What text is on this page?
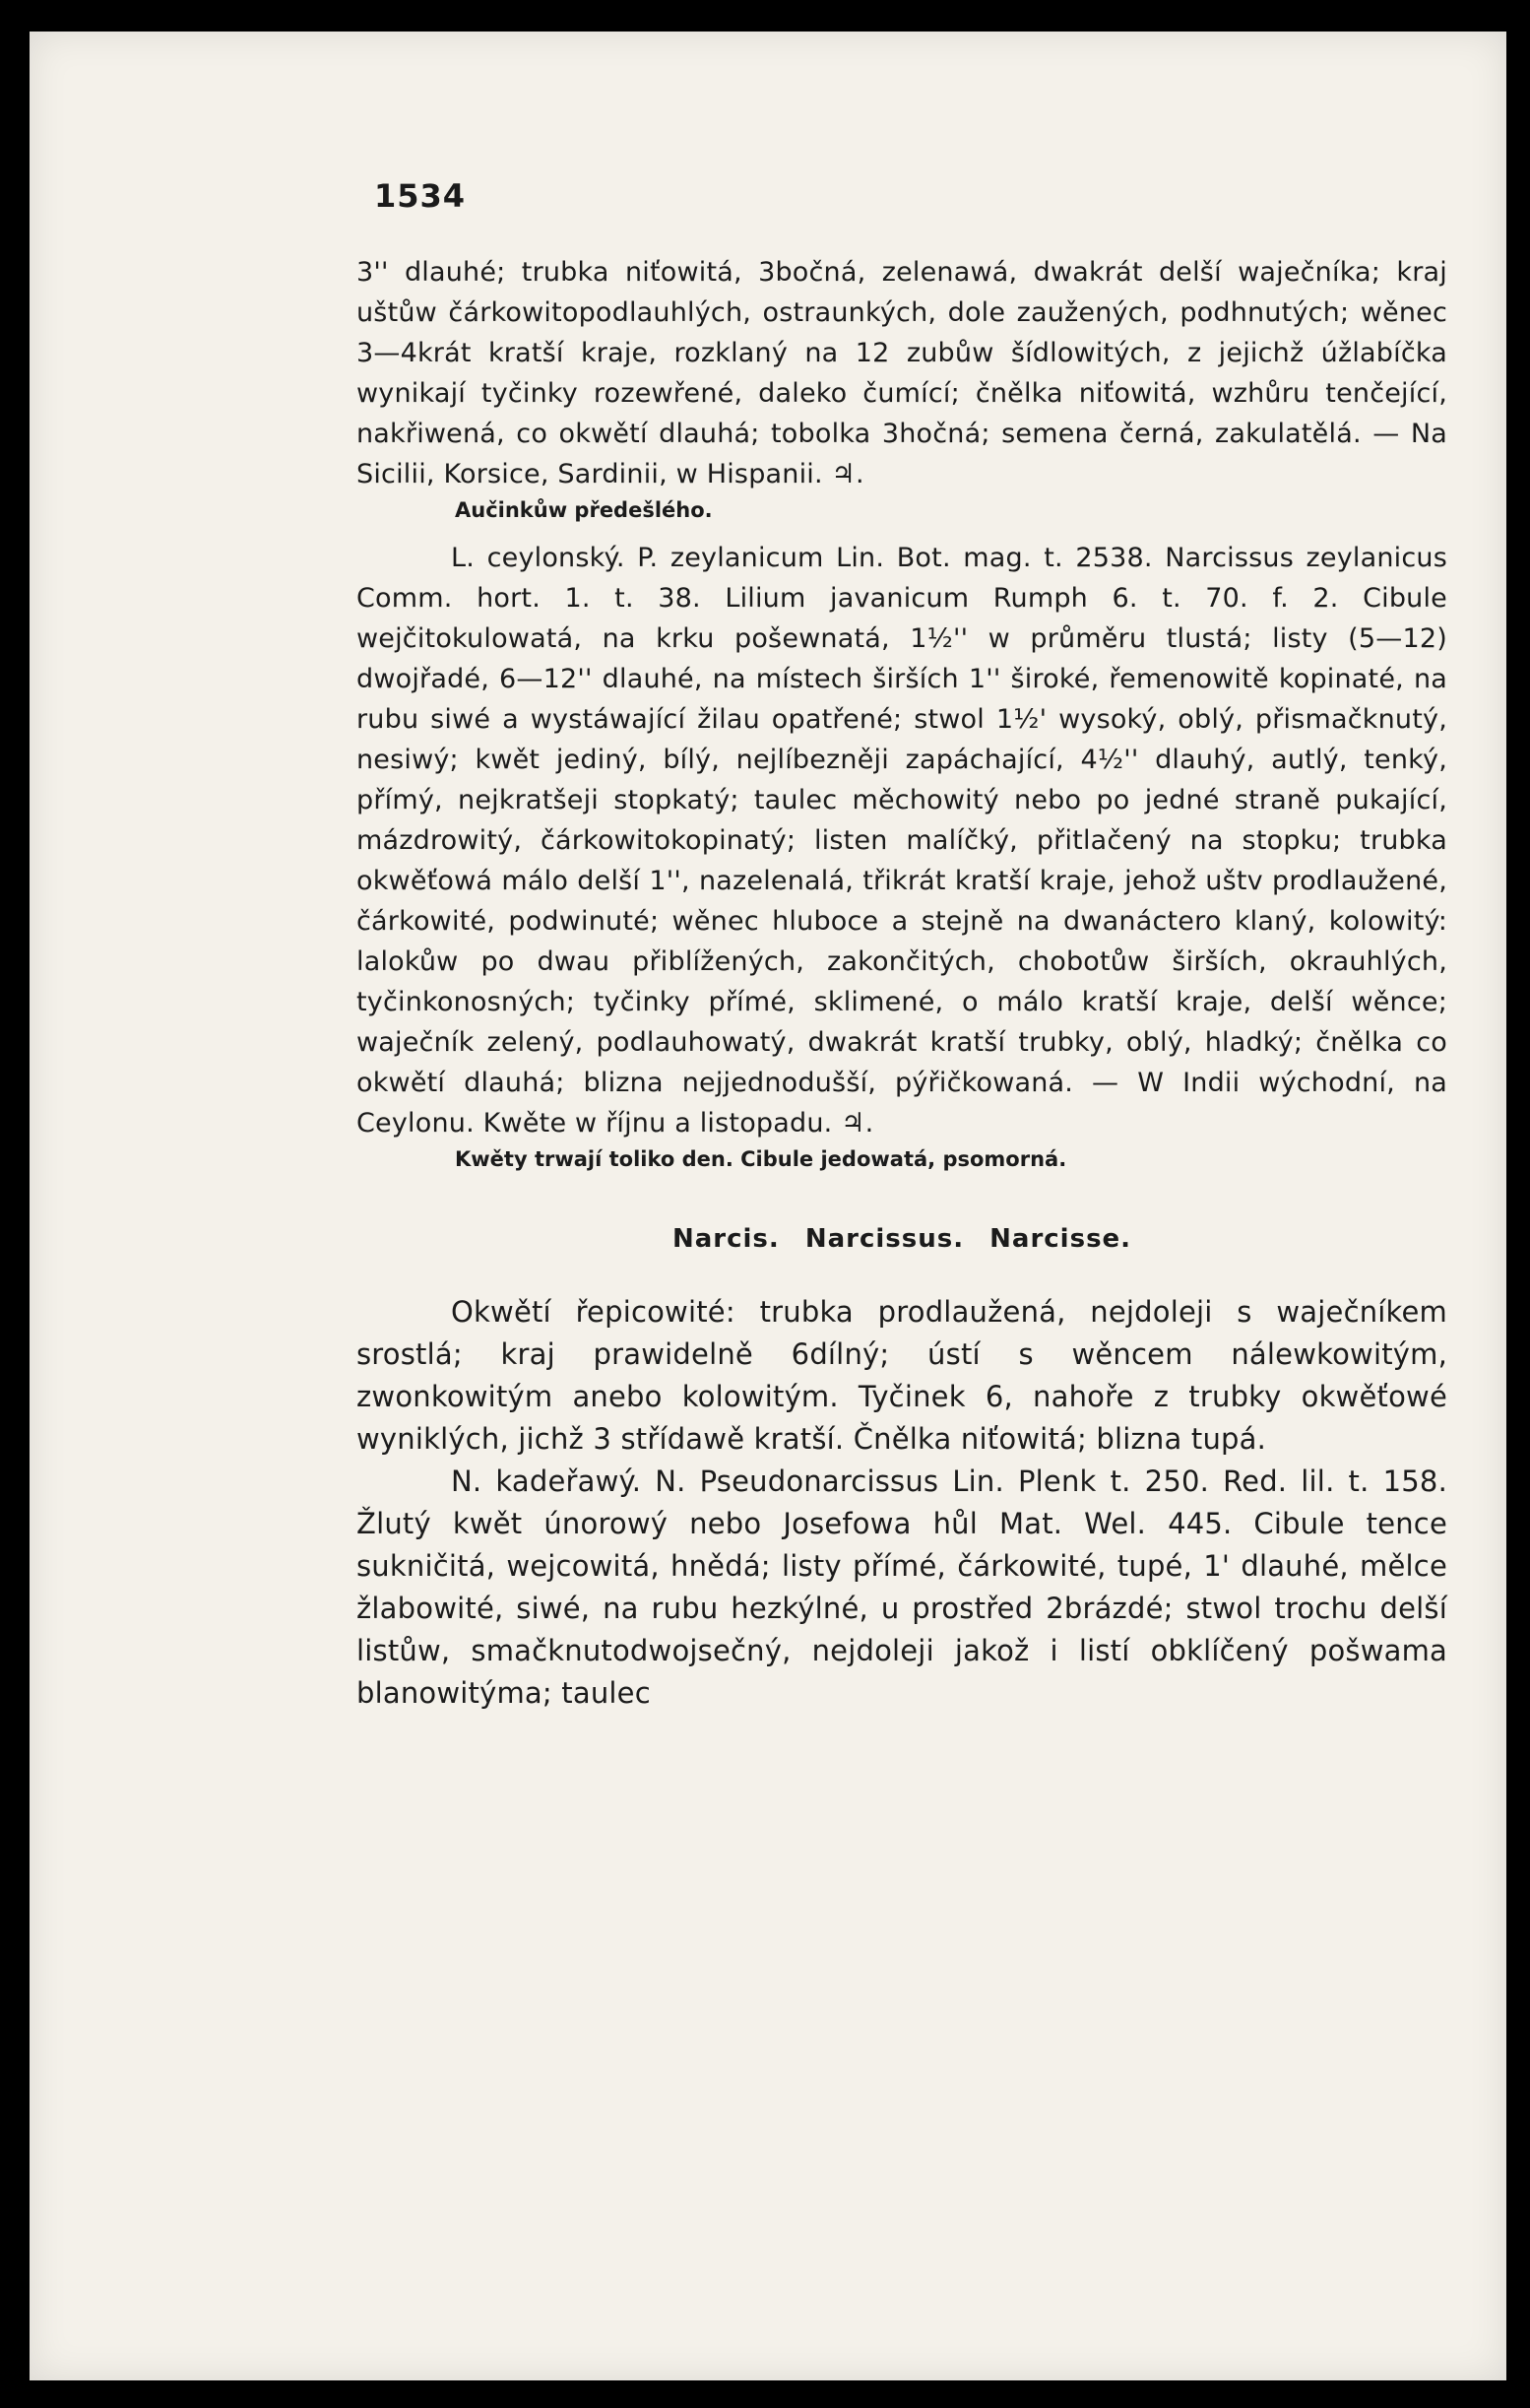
1534

3'' dlauhé; trubka niťowitá, 3bočná, zelenawá, dwakrát delší waječníka; kraj uštůw čárkowitopodlauhlých, ostraunkých, dole zaužených, podhnutých; wěnec 3—4krát kratší kraje, rozklaný na 12 zubůw šídlowitých, z jejichž úžlabíčka wynikají tyčinky rozewřené, daleko čumící; čnělka niťowitá, wzhůru tenčející, nakřiwená, co okwětí dlauhá; tobolka 3hočná; semena černá, zakulatělá. — Na Sicilii, Korsice, Sardinii, w Hispanii. ♃.

Aučinkůw předešlého.

L. ceylonský. P. zeylanicum Lin. Bot. mag. t. 2538. Narcissus zeylanicus Comm. hort. 1. t. 38. Lilium javanicum Rumph 6. t. 70. f. 2. Cibule wejčitokulowatá, na krku pošewnatá, 1½'' w průměru tlustá; listy (5—12) dwojřadé, 6—12'' dlauhé, na místech širších 1'' široké, řemenowitě kopinaté, na rubu siwé a wystáwající žilau opatřené; stwol 1½' wysoký, oblý, přismačknutý, nesiwý; kwět jediný, bílý, nejlíbezněji zapáchající, 4½'' dlauhý, autlý, tenký, přímý, nejkratšeji stopkatý; taulec měchowitý nebo po jedné straně pukající, mázdrowitý, čárkowitokopinatý; listen malíčký, přitlačený na stopku; trubka okwěťowá málo delší 1'', nazelenalá, třikrát kratší kraje, jehož uštv prodlaužené, čárkowité, podwinuté; wěnec hluboce a stejně na dwanáctero klaný, kolowitý: lalokůw po dwau přiblížených, zakončitých, chobotůw širších, okrauhlých, tyčinkonosných; tyčinky přímé, sklimené, o málo kratší kraje, delší wěnce; waječník zelený, podlauhowatý, dwakrát kratší trubky, oblý, hladký; čnělka co okwětí dlauhá; blizna nejjednodušší, pýřičkowaná. — W Indii wýchodní, na Ceylonu. Kwěte w říjnu a listopadu. ♃.

Kwěty trwají toliko den. Cibule jedowatá, psomorná.
Narcis. Narcissus. Narcisse.

Okwětí řepicowité: trubka prodlaužená, nejdoleji s waječníkem srostlá; kraj prawidelně 6dílný; ústí s wěncem nálewkowitým, zwonkowitým anebo kolowitým. Tyčinek 6, nahoře z trubky okwěťowé wyniklých, jichž 3 střídawě kratší. Čnělka niťowitá; blizna tupá.

N. kadeřawý. N. Pseudonarcissus Lin. Plenk t. 250. Red. lil. t. 158. Žlutý kwět únorowý nebo Josefowa hůl Mat. Wel. 445. Cibule tence sukničitá, wejcowitá, hnědá; listy přímé, čárkowité, tupé, 1' dlauhé, mělce žlabowité, siwé, na rubu hezkýlné, u prostřed 2brázdé; stwol trochu delší listůw, smačknutodwojsečný, nejdoleji jakož i listí obklíčený pošwama blanowitýma; taulec
